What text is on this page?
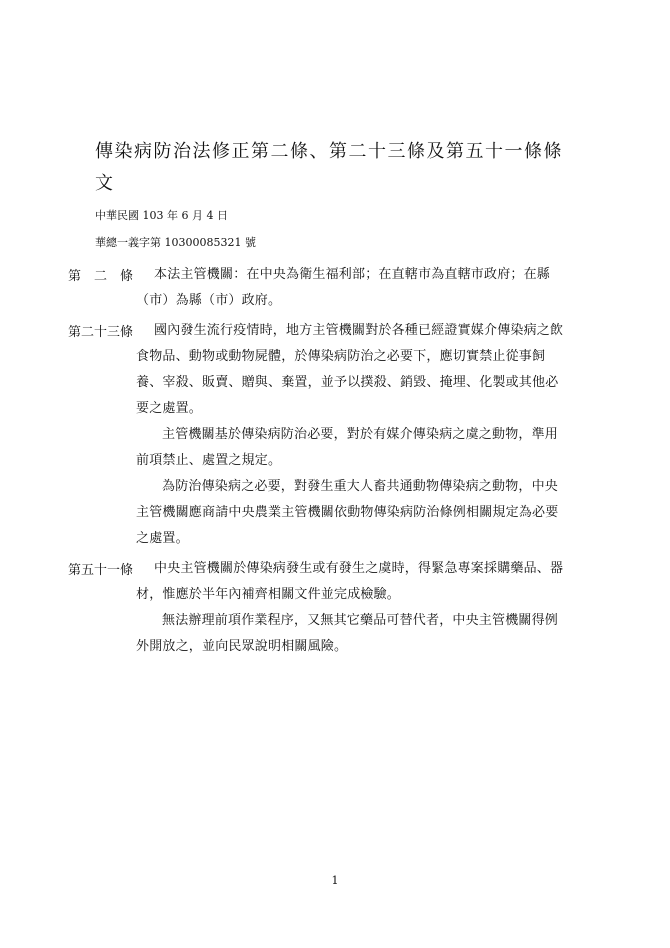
傳染病防治法修正第二條、第二十三條及第五十一條條文

中華民國 103 年 6 月 4 日

華總一義字第 10300085321 號

第　二　條	本法主管機關：在中央為衛生福利部；在直轄市為直轄市政府；在縣（市）為縣（市）政府。

第二十三條	國內發生流行疫情時，地方主管機關對於各種已經證實媒介傳染病之飲食物品、動物或動物屍體，於傳染病防治之必要下，應切實禁止從事飼養、宰殺、販賣、贈與、棄置，並予以撲殺、銷毀、掩埋、化製或其他必要之處置。

主管機關基於傳染病防治必要，對於有媒介傳染病之虞之動物，準用前項禁止、處置之規定。

為防治傳染病之必要，對發生重大人畜共通動物傳染病之動物，中央主管機關應商請中央農業主管機關依動物傳染病防治條例相關規定為必要之處置。

第五十一條	中央主管機關於傳染病發生或有發生之虞時，得緊急專案採購藥品、器材，惟應於半年內補齊相關文件並完成檢驗。

無法辦理前項作業程序，又無其它藥品可替代者，中央主管機關得例外開放之，並向民眾說明相關風險。

1
